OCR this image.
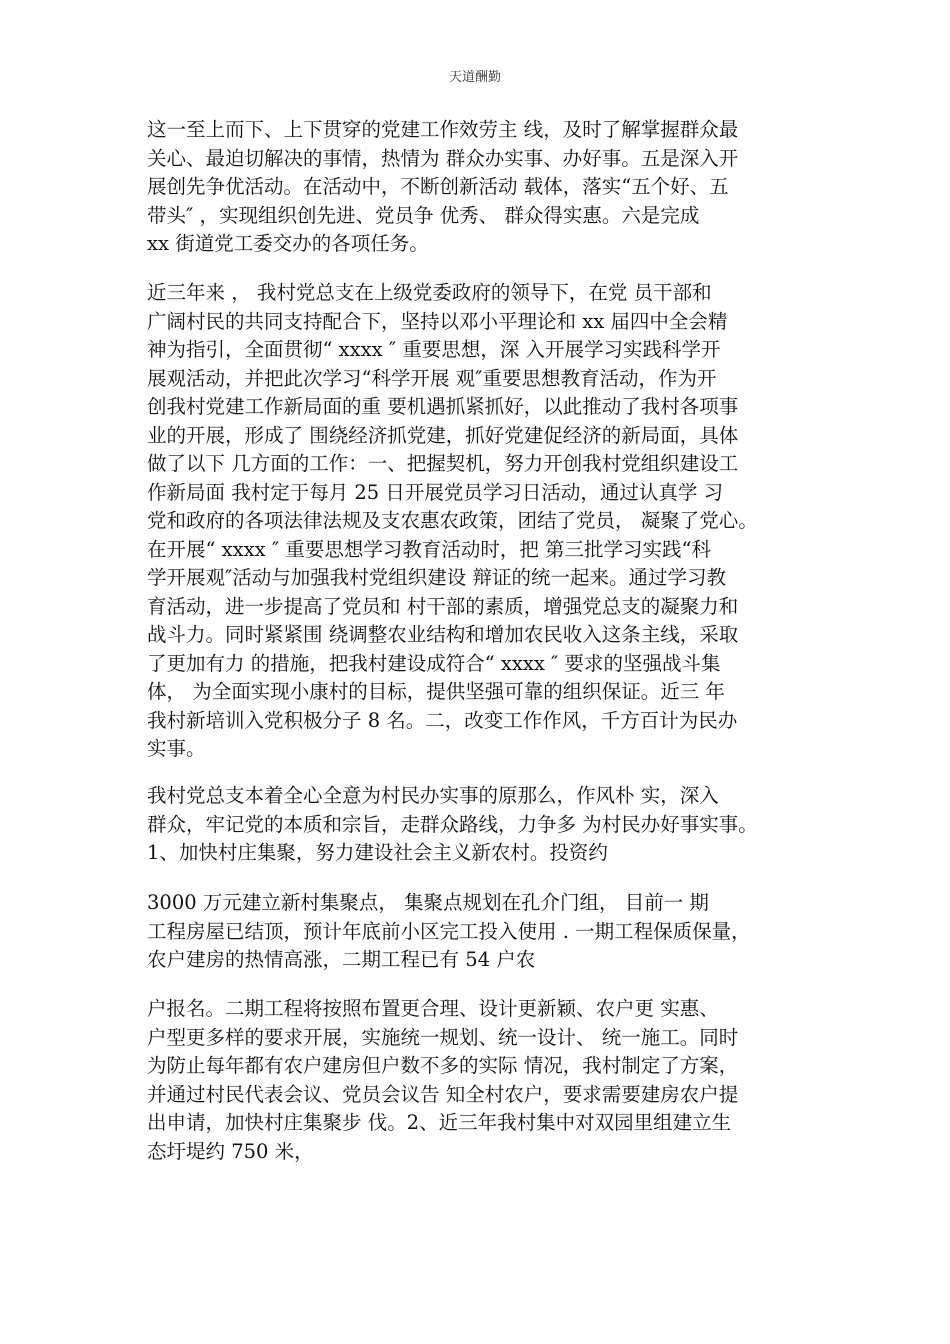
天道酬勤
这一至上而下、上下贯穿的党建工作效劳主 线，及时了解掌握群众最
关心、最迫切解决的事情，热情为 群众办实事、办好事。五是深入开
展创先争优活动。在活动中，不断创新活动 载体，落实“五个好、五
带头″ ，实现组织创先进、党员争 优秀、 群众得实惠。六是完成
xx 街道党工委交办的各项任务。
近三年来 ， 我村党总支在上级党委政府的领导下，在党 员干部和
广阔村民的共同支持配合下，坚持以邓小平理论和 xx 届四中全会精
神为指引，全面贯彻“ xxxx ″ 重要思想，深 入开展学习实践科学开
展观活动，并把此次学习“科学开展 观″重要思想教育活动，作为开
创我村党建工作新局面的重 要机遇抓紧抓好，以此推动了我村各项事
业的开展，形成了 围绕经济抓党建，抓好党建促经济的新局面，具体
做了以下 几方面的工作：一、把握契机，努力开创我村党组织建设工
作新局面 我村定于每月 25 日开展党员学习日活动，通过认真学 习
党和政府的各项法律法规及支农惠农政策，团结了党员， 凝聚了党心。
在开展“ xxxx ″ 重要思想学习教育活动时，把 第三批学习实践“科
学开展观″活动与加强我村党组织建设 辩证的统一起来。通过学习教
育活动，进一步提高了党员和 村干部的素质，增强党总支的凝聚力和
战斗力。同时紧紧围 绕调整农业结构和增加农民收入这条主线，采取
了更加有力 的措施，把我村建设成符合“ xxxx ″ 要求的坚强战斗集
体， 为全面实现小康村的目标，提供坚强可靠的组织保证。近三 年
我村新培训入党积极分子 8 名。二，改变工作作风，千方百计为民办
实事。
我村党总支本着全心全意为村民办实事的原那么，作风朴 实，深入
群众，牢记党的本质和宗旨，走群众路线，力争多 为村民办好事实事。
1、加快村庄集聚，努力建设社会主义新农村。投资约
3000 万元建立新村集聚点， 集聚点规划在孔介门组， 目前一 期
工程房屋已结顶，预计年底前小区完工投入使用 . 一期工程保质保量，
农户建房的热情高涨，二期工程已有 54 户农
户报名。二期工程将按照布置更合理、设计更新颖、农户更 实惠、
户型更多样的要求开展，实施统一规划、统一设计、 统一施工。同时
为防止每年都有农户建房但户数不多的实际 情况，我村制定了方案，
并通过村民代表会议、党员会议告 知全村农户，要求需要建房农户提
出申请，加快村庄集聚步 伐。2、近三年我村集中对双园里组建立生
态圩堤约 750 米，
